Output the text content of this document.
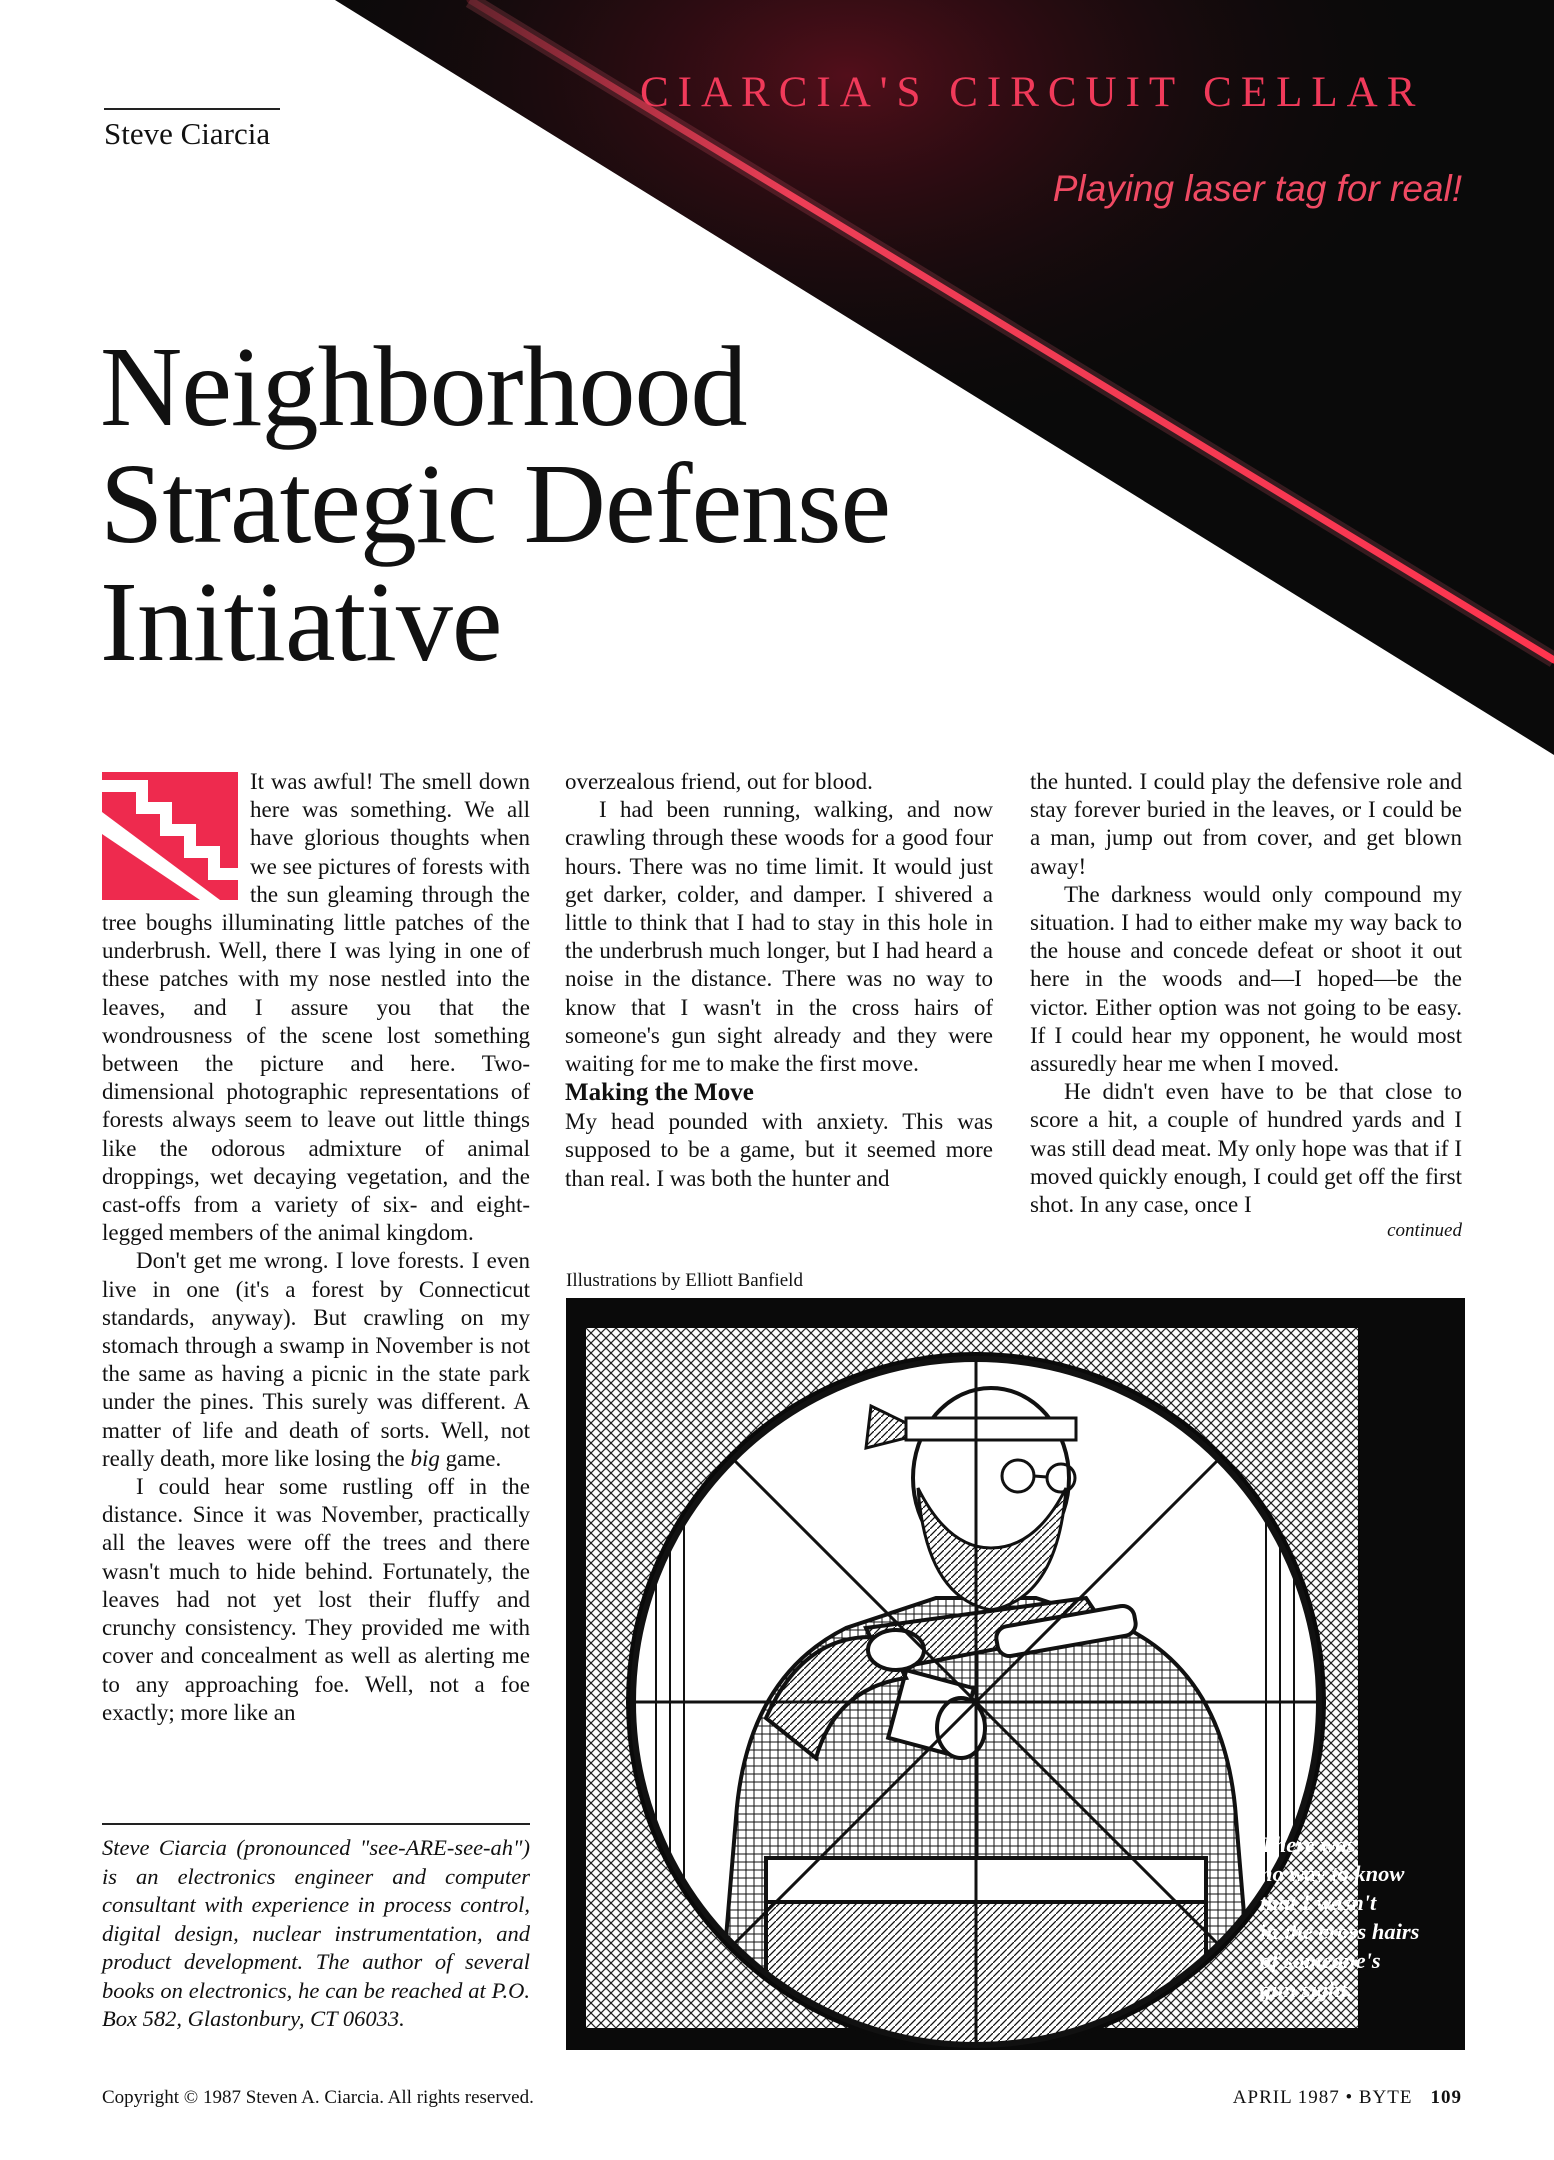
Steve Ciarcia
CIARCIA'S CIRCUIT CELLAR
Playing laser tag for real!
Neighborhood
Strategic Defense
Initiative

It was awful! The smell down here was something. We all have glorious thoughts when we see pictures of forests with the sun gleaming through the tree boughs illuminating little patches of the underbrush. Well, there I was lying in one of these patches with my nose nestled into the leaves, and I assure you that the wondrousness of the scene lost something between the picture and here. Two-dimensional photographic representations of forests always seem to leave out little things like the odorous admixture of animal droppings, wet decaying vegetation, and the cast-offs from a variety of six- and eight-legged members of the animal kingdom.

Don't get me wrong. I love forests. I even live in one (it's a forest by Connecticut standards, anyway). But crawling on my stomach through a swamp in November is not the same as having a picnic in the state park under the pines. This surely was different. A matter of life and death of sorts. Well, not really death, more like losing the big game.

I could hear some rustling off in the distance. Since it was November, practically all the leaves were off the trees and there wasn't much to hide behind. Fortunately, the leaves had not yet lost their fluffy and crunchy consistency. They provided me with cover and concealment as well as alerting me to any approaching foe. Well, not a foe exactly; more like an

overzealous friend, out for blood.

I had been running, walking, and now crawling through these woods for a good four hours. There was no time limit. It would just get darker, colder, and damper. I shivered a little to think that I had to stay in this hole in the underbrush much longer, but I had heard a noise in the distance. There was no way to know that I wasn't in the cross hairs of someone's gun sight already and they were waiting for me to make the first move.

Making the Move

My head pounded with anxiety. This was supposed to be a game, but it seemed more than real. I was both the hunter and

the hunted. I could play the defensive role and stay forever buried in the leaves, or I could be a man, jump out from cover, and get blown away!

The darkness would only compound my situation. I had to either make my way back to the house and concede defeat or shoot it out here in the woods and—I hoped—be the victor. Either option was not going to be easy. If I could hear my opponent, he would most assuredly hear me when I moved.

He didn't even have to be that close to score a hit, a couple of hundred yards and I was still dead meat. My only hope was that if I moved quickly enough, I could get off the first shot. In any case, once I

continued
Illustrations by Elliott Banfield
There was
no way to know
that I wasn't
in the cross hairs
of someone's
gun sight.
Steve Ciarcia (pronounced "see-ARE-see-ah") is an electronics engineer and computer consultant with experience in process control, digital design, nuclear instrumentation, and product development. The author of several books on electronics, he can be reached at P.O. Box 582, Glastonbury, CT 06033.
Copyright © 1987 Steven A. Ciarcia. All rights reserved.	APRIL 1987 • BYTE 109
